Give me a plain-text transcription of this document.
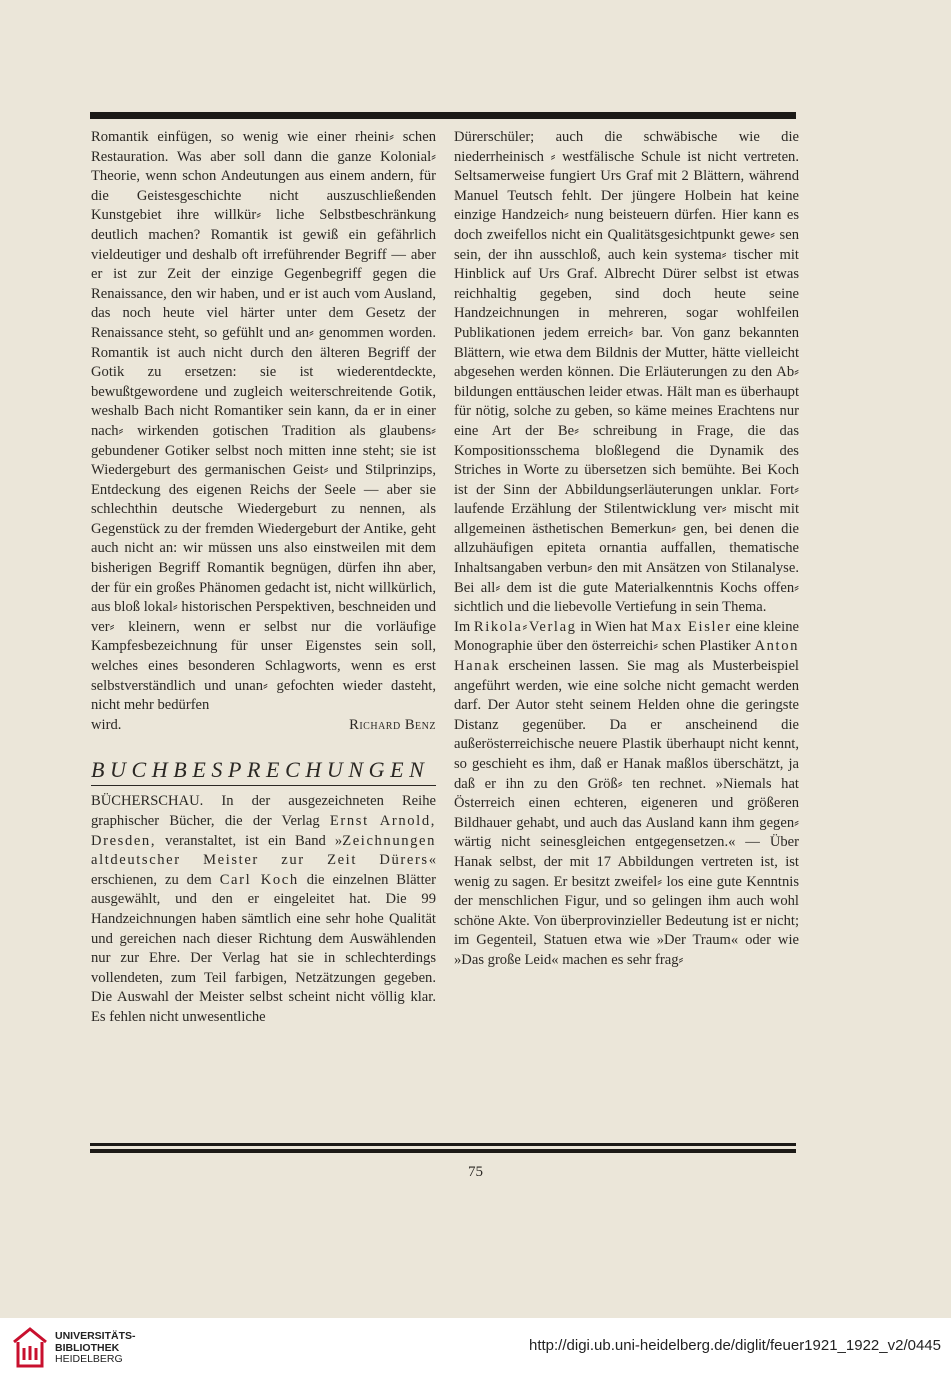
Romantik einfügen, so wenig wie einer rheini⸗ schen Restauration. Was aber soll dann die ganze Kolonial⸗Theorie, wenn schon Andeutungen aus einem andern, für die Geistesgeschichte nicht auszuschließenden Kunstgebiet ihre willkür⸗ liche Selbstbeschränkung deutlich machen? Romantik ist gewiß ein gefährlich vieldeutiger und deshalb oft irreführender Begriff — aber er ist zur Zeit der einzige Gegenbegriff gegen die Renaissance, den wir haben, und er ist auch vom Ausland, das noch heute viel härter unter dem Gesetz der Renaissance steht, so gefühlt und an⸗ genommen worden. Romantik ist auch nicht durch den älteren Begriff der Gotik zu ersetzen: sie ist wiederentdeckte, bewußtgewordene und zugleich weiterschreitende Gotik, weshalb Bach nicht Romantiker sein kann, da er in einer nach⸗ wirkenden gotischen Tradition als glaubens⸗ gebundener Gotiker selbst noch mitten inne steht; sie ist Wiedergeburt des germanischen Geist⸗ und Stilprinzips, Entdeckung des eigenen Reichs der Seele — aber sie schlechthin deutsche Wiedergeburt zu nennen, als Gegenstück zu der fremden Wiedergeburt der Antike, geht auch nicht an: wir müssen uns also einstweilen mit dem bisherigen Begriff Romantik begnügen, dürfen ihn aber, der für ein großes Phänomen gedacht ist, nicht willkürlich, aus bloß lokal⸗ historischen Perspektiven, beschneiden und ver⸗ kleinern, wenn er selbst nur die vorläufige Kampfesbezeichnung für unser Eigenstes sein soll, welches eines besonderen Schlagworts, wenn es erst selbstverständlich und unan⸗ gefochten wieder dasteht, nicht mehr bedürfen

wird.	Richard Benz

BUCHBESPRECHUNGEN

BÜCHERSCHAU. In der ausgezeichneten Reihe graphischer Bücher, die der Verlag Ernst Arnold, Dresden, veranstaltet, ist ein Band »Zeichnungen altdeutscher Meister zur Zeit Dürers« erschienen, zu dem Carl Koch die einzelnen Blätter ausgewählt, und den er eingeleitet hat. Die 99 Handzeichnungen haben sämtlich eine sehr hohe Qualität und gereichen nach dieser Richtung dem Auswählenden nur zur Ehre. Der Verlag hat sie in schlechterdings vollendeten, zum Teil farbigen, Netzätzungen gegeben. Die Auswahl der Meister selbst scheint nicht völlig klar. Es fehlen nicht unwesentliche

Dürerschüler; auch die schwäbische wie die niederrheinisch ⸗ westfälische Schule ist nicht vertreten. Seltsamerweise fungiert Urs Graf mit 2 Blättern, während Manuel Teutsch fehlt. Der jüngere Holbein hat keine einzige Handzeich⸗ nung beisteuern dürfen. Hier kann es doch zweifellos nicht ein Qualitätsgesichtpunkt gewe⸗ sen sein, der ihn ausschloß, auch kein systema⸗ tischer mit Hinblick auf Urs Graf. Albrecht Dürer selbst ist etwas reichhaltig gegeben, sind doch heute seine Handzeichnungen in mehreren, sogar wohlfeilen Publikationen jedem erreich⸗ bar. Von ganz bekannten Blättern, wie etwa dem Bildnis der Mutter, hätte vielleicht abgesehen werden können. Die Erläuterungen zu den Ab⸗ bildungen enttäuschen leider etwas. Hält man es überhaupt für nötig, solche zu geben, so käme meines Erachtens nur eine Art der Be⸗ schreibung in Frage, die das Kompositionsschema bloßlegend die Dynamik des Striches in Worte zu übersetzen sich bemühte. Bei Koch ist der Sinn der Abbildungserläuterungen unklar. Fort⸗ laufende Erzählung der Stilentwicklung ver⸗ mischt mit allgemeinen ästhetischen Bemerkun⸗ gen, bei denen die allzuhäufigen epiteta ornantia auffallen, thematische Inhaltsangaben verbun⸗ den mit Ansätzen von Stilanalyse. Bei all⸗ dem ist die gute Materialkenntnis Kochs offen⸗ sichtlich und die liebevolle Vertiefung in sein Thema.

Im Rikola⸗Verlag in Wien hat Max Eisler eine kleine Monographie über den österreichi⸗ schen Plastiker Anton Hanak erscheinen lassen. Sie mag als Musterbeispiel angeführt werden, wie eine solche nicht gemacht werden darf. Der Autor steht seinem Helden ohne die geringste Distanz gegenüber. Da er anscheinend die außerösterreichische neuere Plastik überhaupt nicht kennt, so geschieht es ihm, daß er Hanak maßlos überschätzt, ja daß er ihn zu den Größ⸗ ten rechnet. »Niemals hat Österreich einen echteren, eigeneren und größeren Bildhauer gehabt, und auch das Ausland kann ihm gegen⸗ wärtig nicht seinesgleichen entgegensetzen.« — Über Hanak selbst, der mit 17 Abbildungen vertreten ist, ist wenig zu sagen. Er besitzt zweifel⸗ los eine gute Kenntnis der menschlichen Figur, und so gelingen ihm auch wohl schöne Akte. Von überprovinzieller Bedeutung ist er nicht; im Gegenteil, Statuen etwa wie »Der Traum« oder wie »Das große Leid« machen es sehr frag⸗

75
UNIVERSITÄTS-
BIBLIOTHEK
HEIDELBERG
http://digi.ub.uni-heidelberg.de/diglit/feuer1921_1922_v2/0445
